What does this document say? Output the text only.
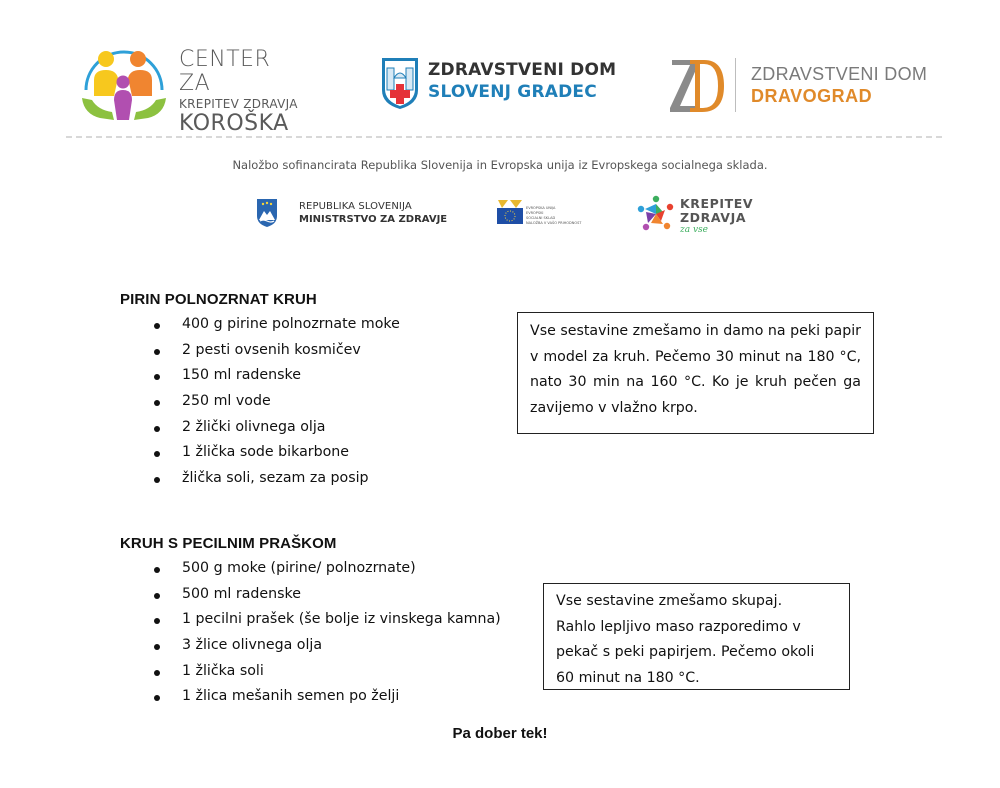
CENTER ZA
KREPITEV ZDRAVJA
KOROŠKA
ZDRAVSTVENI DOM
SLOVENJ GRADEC
ZDRAVSTVENI DOM
DRAVOGRAD
Naložbo sofinancirata Republika Slovenija in Evropska unija iz Evropskega socialnega sklada.
REPUBLIKA SLOVENIJA
MINISTRSTVO ZA ZDRAVJE
EVROPSKA UNIJA
EVROPSKI
SOCIALNI SKLAD
NALOŽBA V VAŠO PRIHODNOST
KREPITEV
ZDRAVJA
za vse
PIRIN POLNOZRNAT KRUH
400 g pirine polnozrnate moke
2 pesti ovsenih kosmičev
150 ml radenske
250 ml vode
2 žlički olivnega olja
1 žlička sode bikarbone
žlička soli, sezam za posip
Vse sestavine zmešamo in damo na peki papir v model za kruh. Pečemo 30 minut na 180 °C, nato 30 min na 160 °C. Ko je kruh pečen ga zavijemo v vlažno krpo.
KRUH S PECILNIM PRAŠKOM
500 g moke (pirine/ polnozrnate)
500 ml radenske
1 pecilni prašek (še bolje iz vinskega kamna)
3 žlice olivnega olja
1 žlička soli
1 žlica mešanih semen po želji
Vse sestavine zmešamo skupaj.
Rahlo lepljivo maso razporedimo v
pekač s peki papirjem. Pečemo okoli
60 minut na 180 °C.
Pa dober tek!
